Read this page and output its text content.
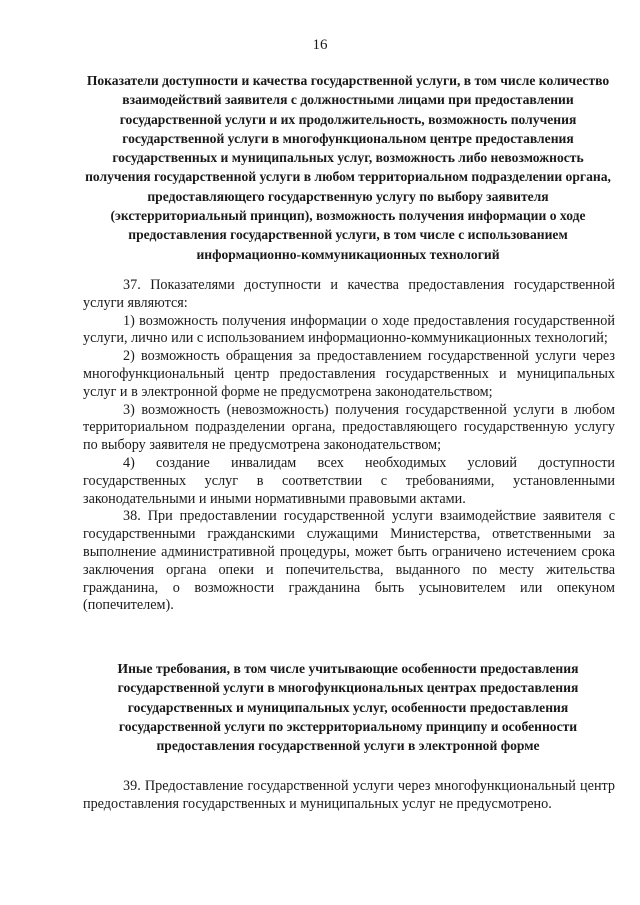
16

Показатели доступности и качества государственной услуги, в том числе количество взаимодействий заявителя с должностными лицами при предоставлении государственной услуги и их продолжительность, возможность получения государственной услуги в многофункциональном центре предоставления государственных и муниципальных услуг, возможность либо невозможность получения государственной услуги в любом территориальном подразделении органа, предоставляющего государственную услугу по выбору заявителя (экстерриториальный принцип), возможность получения информации о ходе предоставления государственной услуги, в том числе с использованием информационно-коммуникационных технологий

37. Показателями доступности и качества предоставления государственной услуги являются:

1) возможность получения информации о ходе предоставления государственной услуги, лично или с использованием информационно-коммуникационных технологий;

2) возможность обращения за предоставлением государственной услуги через многофункциональный центр предоставления государственных и муниципальных услуг и в электронной форме не предусмотрена законодательством;

3) возможность (невозможность) получения государственной услуги в любом территориальном подразделении органа, предоставляющего государственную услугу по выбору заявителя не предусмотрена законодательством;

4) создание инвалидам всех необходимых условий доступности государственных услуг в соответствии с требованиями, установленными законодательными и иными нормативными правовыми актами.

38. При предоставлении государственной услуги взаимодействие заявителя с государственными гражданскими служащими Министерства, ответственными за выполнение административной процедуры, может быть ограничено истечением срока заключения органа опеки и попечительства, выданного по месту жительства гражданина, о возможности гражданина быть усыновителем или опекуном (попечителем).

Иные требования, в том числе учитывающие особенности предоставления государственной услуги в многофункциональных центрах предоставления государственных и муниципальных услуг, особенности предоставления государственной услуги по экстерриториальному принципу и особенности предоставления государственной услуги в электронной форме

39. Предоставление государственной услуги через многофункциональный центр предоставления государственных и муниципальных услуг не предусмотрено.
